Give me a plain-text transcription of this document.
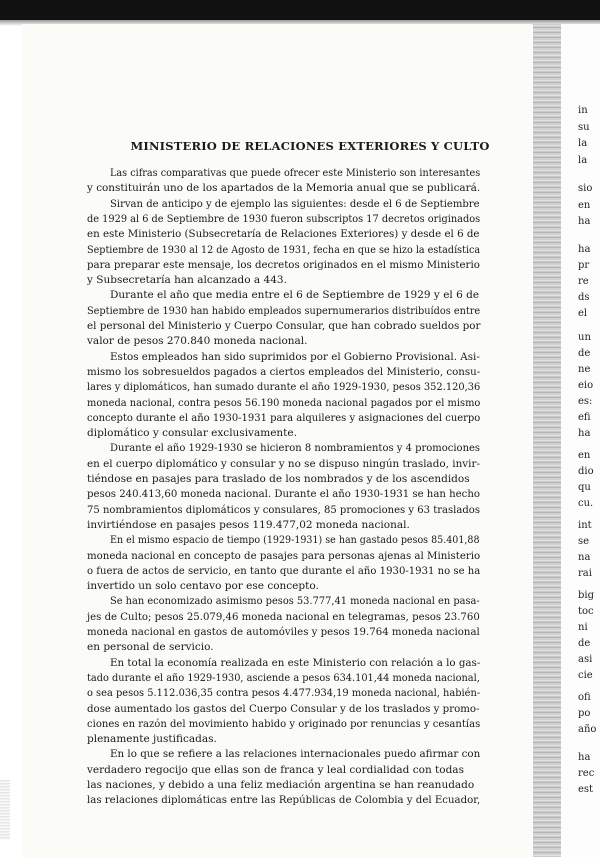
MINISTERIO DE RELACIONES EXTERIORES Y CULTO
Las cifras comparativas que puede ofrecer este Ministerio son interesantes
y constituirán uno de los apartados de la Memoria anual que se publicará.
Sirvan de anticipo y de ejemplo las siguientes: desde el 6 de Septiembre
de 1929 al 6 de Septiembre de 1930 fueron subscriptos 17 decretos originados
en este Ministerio (Subsecretaría de Relaciones Exteriores) y desde el 6 de
Septiembre de 1930 al 12 de Agosto de 1931, fecha en que se hizo la estadística
para preparar este mensaje, los decretos originados en el mismo Ministerio
y Subsecretaría han alcanzado a 443.
Durante el año que media entre el 6 de Septiembre de 1929 y el 6 de
Septiembre de 1930 han habido empleados supernumerarios distribuídos entre
el personal del Ministerio y Cuerpo Consular, que han cobrado sueldos por
valor de pesos 270.840 moneda nacional.
Estos empleados han sido suprimidos por el Gobierno Provisional. Asi-
mismo los sobresueldos pagados a ciertos empleados del Ministerio, consu-
lares y diplomáticos, han sumado durante el año 1929-1930, pesos 352.120,36
moneda nacional, contra pesos 56.190 moneda nacional pagados por el mismo
concepto durante el año 1930-1931 para alquileres y asignaciones del cuerpo
diplomático y consular exclusivamente.
Durante el año 1929-1930 se hicieron 8 nombramientos y 4 promociones
en el cuerpo diplomático y consular y no se dispuso ningún traslado, invir-
tiéndose en pasajes para traslado de los nombrados y de los ascendidos
pesos 240.413,60 moneda nacional. Durante el año 1930-1931 se han hecho
75 nombramientos diplomáticos y consulares, 85 promociones y 63 traslados
invirtiéndose en pasajes pesos 119.477,02 moneda nacional.
En el mismo espacio de tiempo (1929-1931) se han gastado pesos 85.401,88
moneda nacional en concepto de pasajes para personas ajenas al Ministerio
o fuera de actos de servicio, en tanto que durante el año 1930-1931 no se ha
invertido un solo centavo por ese concepto.
Se han economizado asimismo pesos 53.777,41 moneda nacional en pasa-
jes de Culto; pesos 25.079,46 moneda nacional en telegramas, pesos 23.760
moneda nacional en gastos de automóviles y pesos 19.764 moneda nacional
en personal de servicio.
En total la economía realizada en este Ministerio con relación a lo gas-
tado durante el año 1929-1930, asciende a pesos 634.101,44 moneda nacional,
o sea pesos 5.112.036,35 contra pesos 4.477.934,19 moneda nacional, habién-
dose aumentado los gastos del Cuerpo Consular y de los traslados y promo-
ciones en razón del movimiento habido y originado por renuncias y cesantías
plenamente justificadas.
En lo que se refiere a las relaciones internacionales puedo afirmar con
verdadero regocijo que ellas son de franca y leal cordialidad con todas
las naciones, y debido a una feliz mediación argentina se han reanudado
las relaciones diplomáticas entre las Repúblicas de Colombia y del Ecuador,
in
su
la
la
sio
en
ha
ha
pr
re
ds
el
un
de
ne
eio
es:
efi
ha
en
dio
qu
cu.
int
se
na
rai
big
toc
ni
de
asi
cie
ofi
po
año
ha
rec
est
